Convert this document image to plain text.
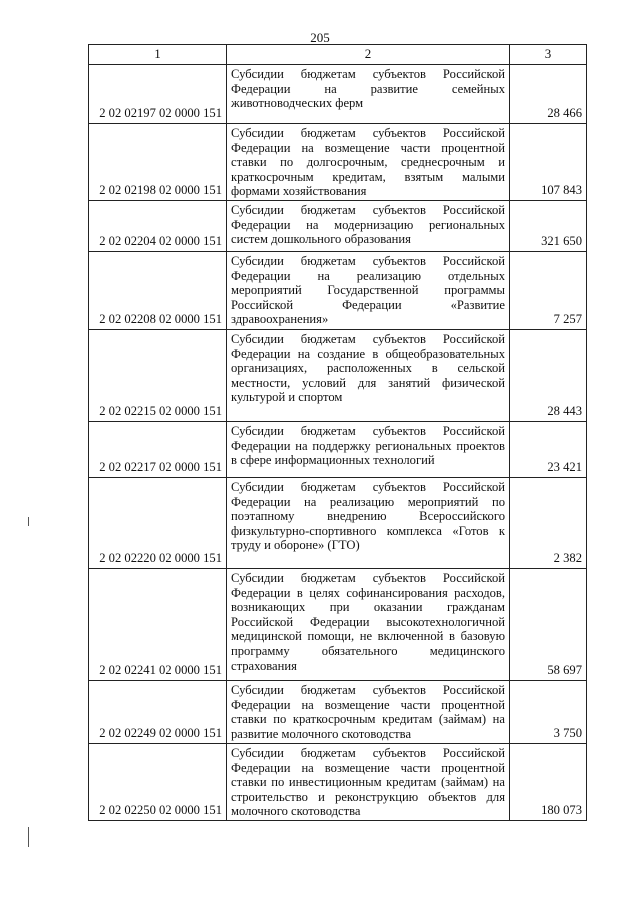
205
1	2	3
2 02 02197 02 0000 151	Субсидии бюджетам субъектов Российской Федерации на развитие семейных животноводческих ферм	28 466
2 02 02198 02 0000 151	Субсидии бюджетам субъектов Российской Федерации на возмещение части процентной ставки по долгосрочным, среднесрочным и краткосрочным кредитам, взятым малыми формами хозяйствования	107 843
2 02 02204 02 0000 151	Субсидии бюджетам субъектов Российской Федерации на модернизацию региональных систем дошкольного образования	321 650
2 02 02208 02 0000 151	Субсидии бюджетам субъектов Российской Федерации на реализацию отдельных мероприятий Государственной программы Российской Федерации «Развитие здравоохранения»	7 257
2 02 02215 02 0000 151	Субсидии бюджетам субъектов Российской Федерации на создание в общеобразовательных организациях, расположенных в сельской местности, условий для занятий физической культурой и спортом	28 443
2 02 02217 02 0000 151	Субсидии бюджетам субъектов Российской Федерации на поддержку региональных проектов в сфере информационных технологий	23 421
2 02 02220 02 0000 151	Субсидии бюджетам субъектов Российской Федерации на реализацию мероприятий по поэтапному внедрению Всероссийского физкультурно-спортивного комплекса «Готов к труду и обороне» (ГТО)	2 382
2 02 02241 02 0000 151	Субсидии бюджетам субъектов Российской Федерации в целях софинансирования расходов, возникающих при оказании гражданам Российской Федерации высокотехнологичной медицинской помощи, не включенной в базовую программу обязательного медицинского страхования	58 697
2 02 02249 02 0000 151	Субсидии бюджетам субъектов Российской Федерации на возмещение части процентной ставки по краткосрочным кредитам (займам) на развитие молочного скотоводства	3 750
2 02 02250 02 0000 151	Субсидии бюджетам субъектов Российской Федерации на возмещение части процентной ставки по инвестиционным кредитам (займам) на строительство и реконструкцию объектов для молочного скотоводства	180 073
